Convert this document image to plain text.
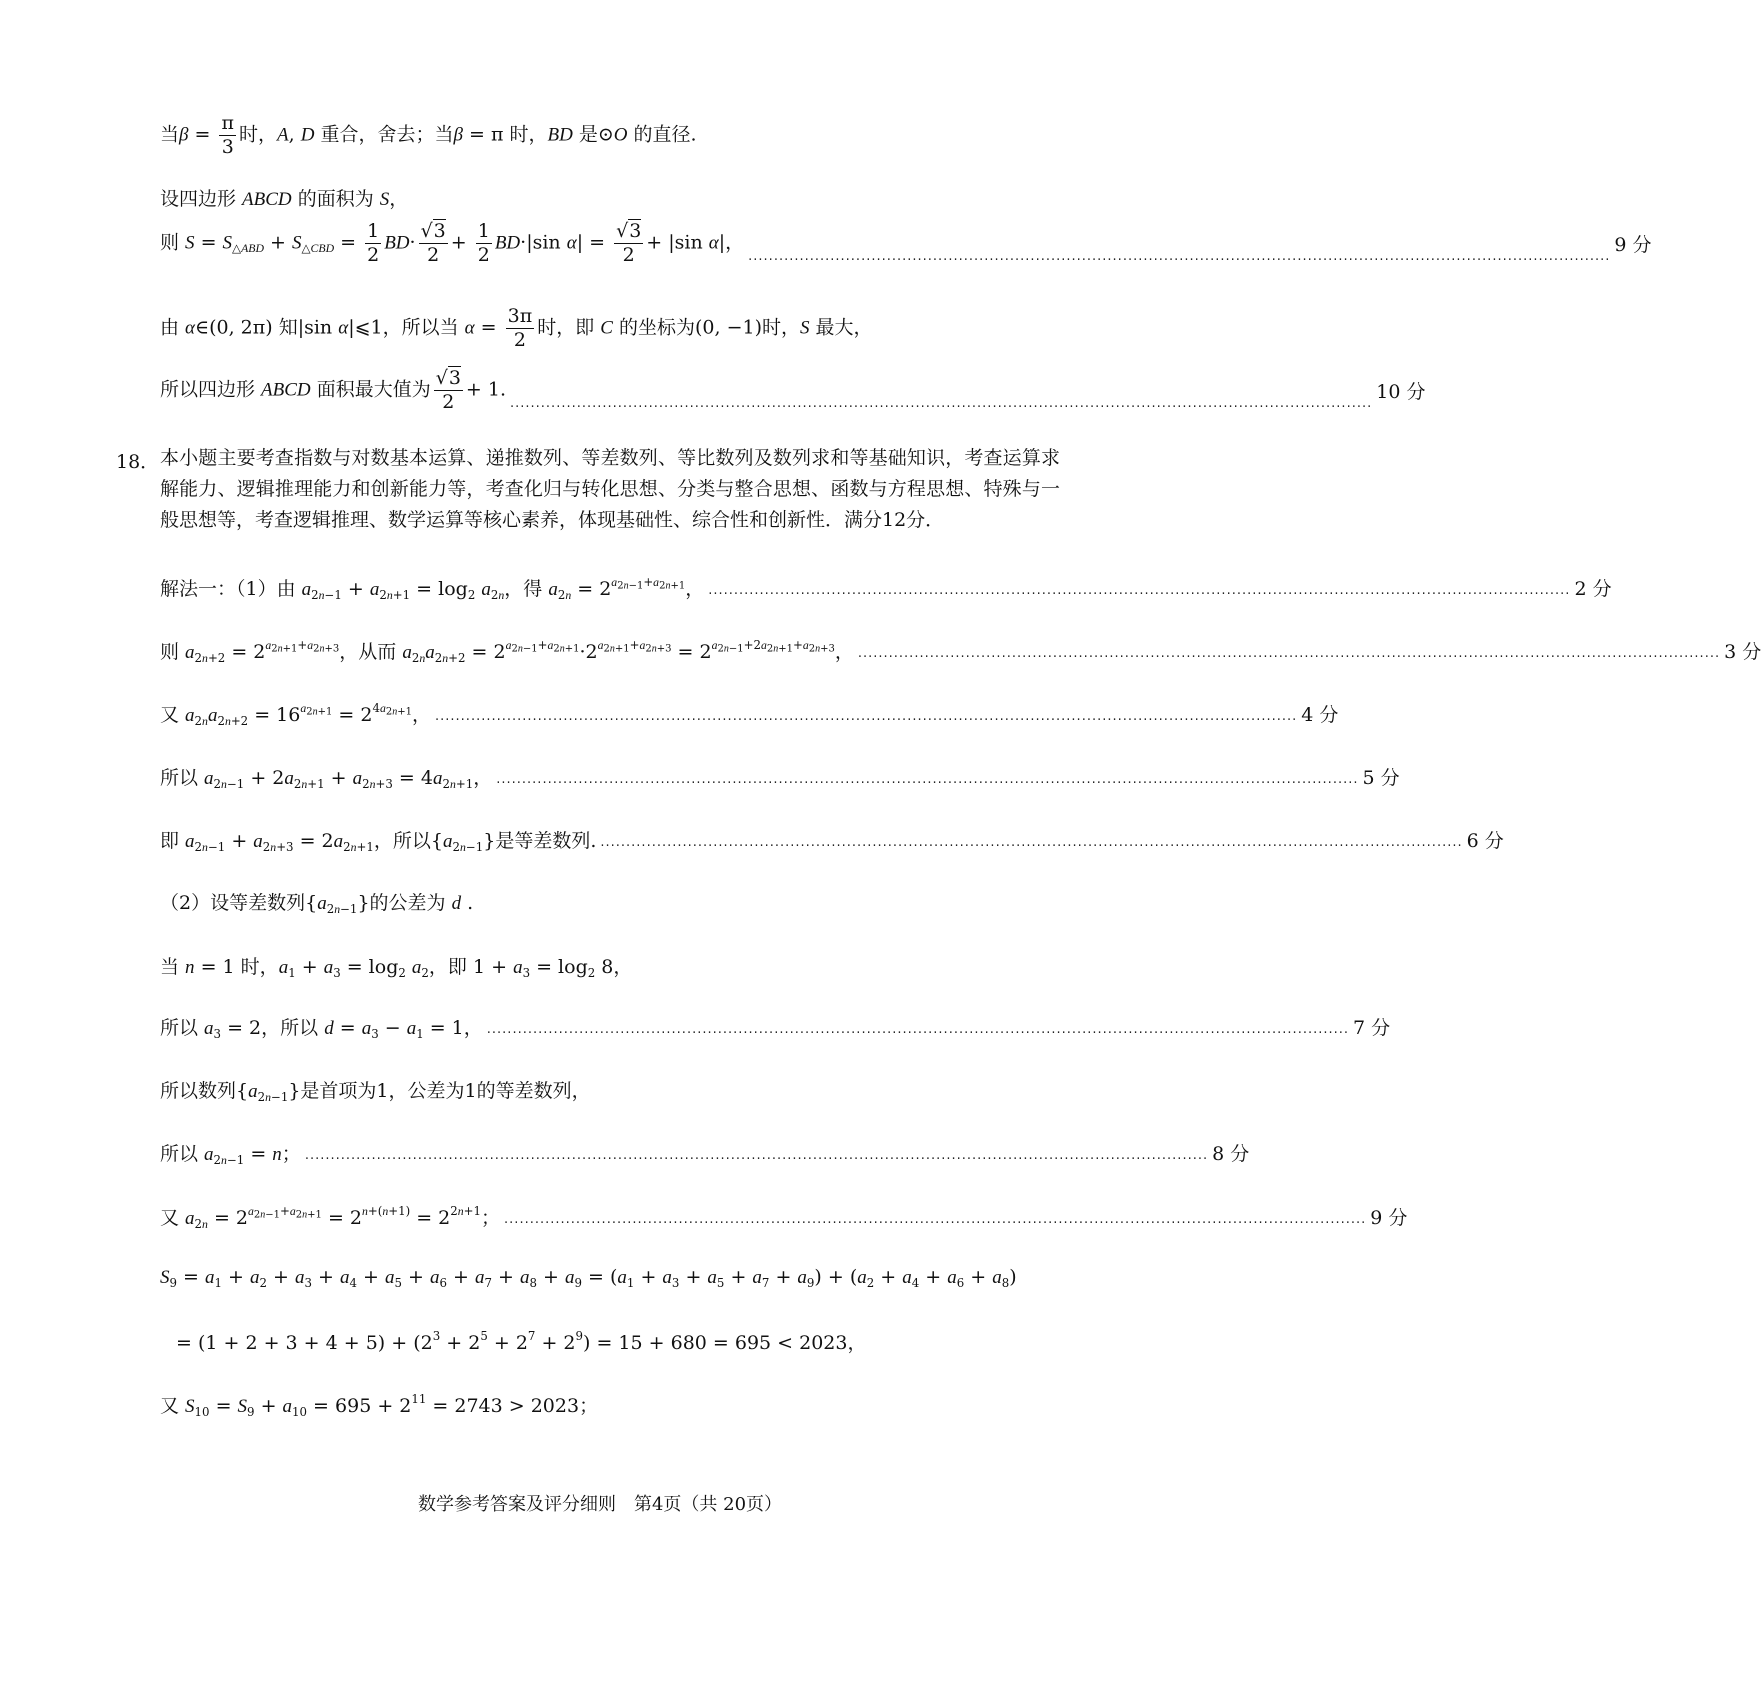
当$\beta = \frac{\pi}{3}$ 时，A, D 重合，舍去；当β = π 时，BD 是⊙O 的直径.
设四边形 ABCD 的面积为 S，
则 $S = S_{\triangle ABD} + S_{\triangle CBD} = \frac{1}{2} BD\cdot \frac{√3}{2} + \frac{1}{2} BD\cdot|\sin$ $\alpha| = \frac{√3}{2} + |\sin$ α|，
........................................................................................................................................................................
9 分
由 α∈(0, 2π) 知|sin α|⩽1，所以当 $\alpha = \frac{3\pi}{2}$ 时，即 C 的坐标为(0, −1)时，S 最大，
所以四边形 ABCD 面积最大值为 $\frac{√3}{2} + 1$.
........................................................................................................................................................................
10 分
18． 本小题主要考查指数与对数基本运算、递推数列、等差数列、等比数列及数列求和等基础知识，考查运算求解能力、逻辑推理能力和创新能力等，考查化归与转化思想、分类与整合思想、函数与方程思想、特殊与一般思想等，考查逻辑推理、数学运算等核心素养，体现基础性、综合性和创新性．满分12分．
解法一：（1）由 $a_{2n-1} + a_{2n+1} = \log_2 a_{2n}$，得 $a_{2n} = 2^{a_{2n-1}+a_{2n+1}}$， ........................................................................................................................................................................ 2 分
则 $a_{2n+2} = 2^{a_{2n+1}+a_{2n+3}}$，从而 $a_{2n}a_{2n+2} = 2^{a_{2n-1}+a_{2n+1}}\cdot 2^{a_{2n+1}+a_{2n+3}} = 2^{a_{2n-1}+2a_{2n+1}+a_{2n+3}}$， ........................................................................................................................................................................ 3 分
又 $a_{2n}a_{2n+2} = 16^{a_{2n+1}} = 2^{4a_{2n+1}}$， ........................................................................................................................................................................ 4 分
所以 $a_{2n-1} + 2a_{2n+1} + a_{2n+3} = 4a_{2n+1}$， ........................................................................................................................................................................ 5 分
即 $a_{2n-1} + a_{2n+3} = 2a_{2n+1}$，所以$\{a_{2n-1}\}$是等差数列. ........................................................................................................................................................................ 6 分
（2）设等差数列$\{a_{2n-1}\}$的公差为 d .
当 n = 1 时，$a_1 + a_3 = \log_2 a_2$，即 $1 + a_3 = \log_2 8$，
所以 $a_3 = 2$，所以 $d = a_3 - a_1 = 1$， ........................................................................................................................................................................ 7 分
所以数列$\{a_{2n-1}\}$是首项为1，公差为1的等差数列，
所以 $a_{2n-1} = n$； ................................................................................................................................................................................ 8 分
又 $a_{2n} = 2^{a_{2n-1}+a_{2n+1}} = 2^{n+(n+1)} = 2^{2n+1}$； ........................................................................................................................................................................ 9 分
$S_9 = a_1 + a_2 + a_3 + a_4 + a_5 + a_6 + a_7 + a_8 + a_9 = (a_1 + a_3 + a_5 + a_7 + a_9) + (a_2 + a_4 + a_6 + a_8)$
= $(1 + 2 + 3 + 4 + 5) + (2^3 + 2^5 + 2^7 + 2^9) = 15 + 680 = 695 < 2023$，
又 $S_{10} = S_9 + a_{10} = 695 + 2^{11} = 2743 > 2023$；
数学参考答案及评分细则　第4页（共 20页）
